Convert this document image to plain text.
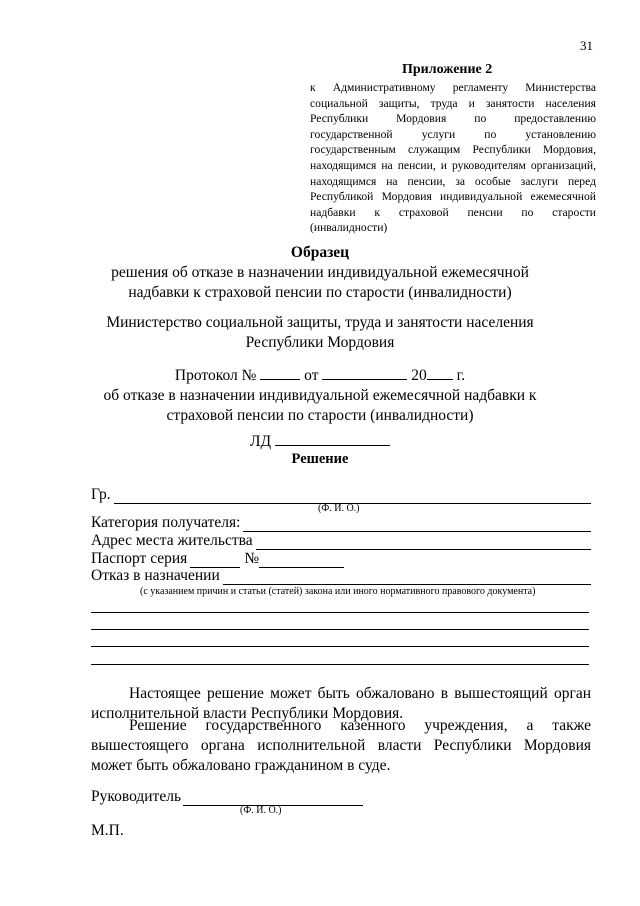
31
Приложение 2
к Административному регламенту Министерства социальной защиты, труда и занятости населения Республики Мордовия по предоставлению государственной услуги по установлению государственным служащим Республики Мордовия, находящимся на пенсии, и руководителям организаций, находящимся на пенсии, за особые заслуги перед Республикой Мордовия индивидуальной ежемесячной надбавки к страховой пенсии по старости (инвалидности)
Образец
решения об отказе в назначении индивидуальной ежемесячной надбавки к страховой пенсии по старости (инвалидности)
Министерство социальной защиты, труда и занятости населения Республики Мордовия
Протокол №	от	20 г.
об отказе в назначении индивидуальной ежемесячной надбавки к страховой пенсии по старости (инвалидности)
ЛД
Решение
Гр.
(Ф. И. О.)
Категория получателя:
Адрес места жительства
Паспорт серия	№
Отказ в назначении
(с указанием причин и статьи (статей) закона или иного нормативного правового документа)
Настоящее решение может быть обжаловано в вышестоящий орган исполнительной власти Республики Мордовия.
Решение государственного казенного учреждения, а также вышестоящего органа исполнительной власти Республики Мордовия может быть обжаловано гражданином в суде.
Руководитель
(Ф. И. О.)
М.П.
